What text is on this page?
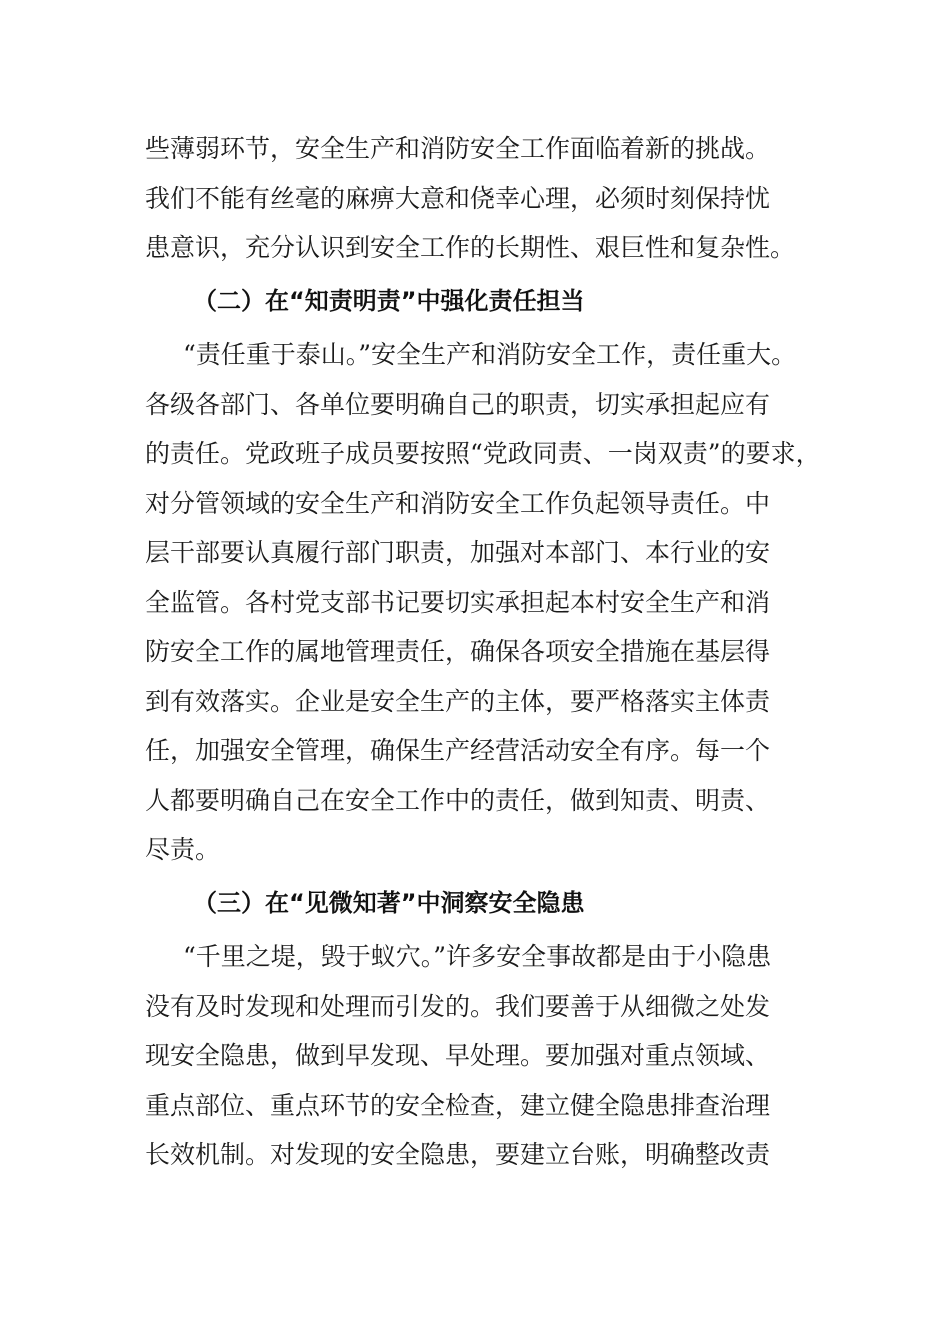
些薄弱环节，安全生产和消防安全工作面临着新的挑战。
我们不能有丝毫的麻痹大意和侥幸心理，必须时刻保持忧
患意识，充分认识到安全工作的长期性、艰巨性和复杂性。
（二）在“知责明责”中强化责任担当
“责任重于泰山。”安全生产和消防安全工作，责任重大。
各级各部门、各单位要明确自己的职责，切实承担起应有
的责任。党政班子成员要按照“党政同责、一岗双责”的要求，
对分管领域的安全生产和消防安全工作负起领导责任。中
层干部要认真履行部门职责，加强对本部门、本行业的安
全监管。各村党支部书记要切实承担起本村安全生产和消
防安全工作的属地管理责任，确保各项安全措施在基层得
到有效落实。企业是安全生产的主体，要严格落实主体责
任，加强安全管理，确保生产经营活动安全有序。每一个
人都要明确自己在安全工作中的责任，做到知责、明责、
尽责。
（三）在“见微知著”中洞察安全隐患
“千里之堤，毁于蚁穴。”许多安全事故都是由于小隐患
没有及时发现和处理而引发的。我们要善于从细微之处发
现安全隐患，做到早发现、早处理。要加强对重点领域、
重点部位、重点环节的安全检查，建立健全隐患排查治理
长效机制。对发现的安全隐患，要建立台账，明确整改责
